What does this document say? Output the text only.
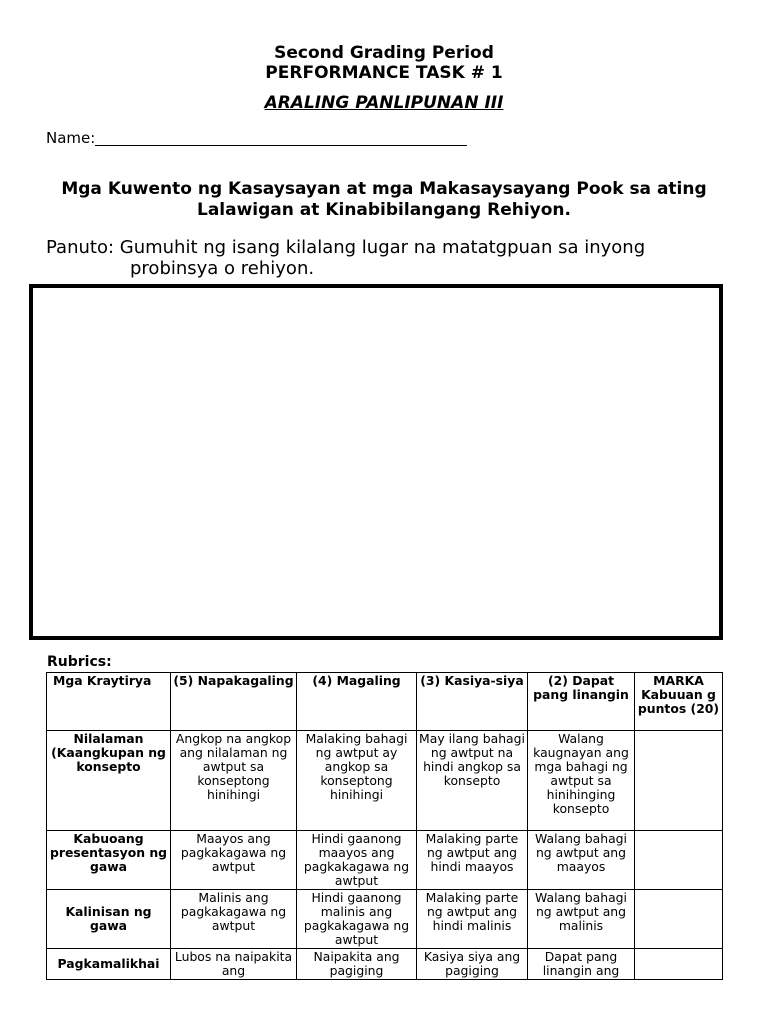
Second Grading Period
PERFORMANCE TASK # 1
ARALING PANLIPUNAN III
Name:
Mga Kuwento ng Kasaysayan at mga Makasaysayang Pook sa ating Lalawigan at Kinabibilangang Rehiyon.
Panuto: Gumuhit ng isang kilalang lugar na matatgpuan sa inyong
probinsya o rehiyon.
Rubrics:
Mga Kraytirya	(5) Napakagaling	(4) Magaling	(3) Kasiya-siya	(2) Dapat pang linangin	MARKA Kabuuan g puntos (20)
Nilalaman (Kaangkupan ng konsepto	Angkop na angkop ang nilalaman ng awtput sa konseptong hinihingi	Malaking bahagi ng awtput ay angkop sa konseptong hinihingi	May ilang bahagi ng awtput na hindi angkop sa konsepto	Walang kaugnayan ang mga bahagi ng awtput sa hinihinging konsepto	
Kabuoang presentasyon ng gawa	Maayos ang pagkakagawa ng awtput	Hindi gaanong maayos ang pagkakagawa ng awtput	Malaking parte ng awtput ang hindi maayos	Walang bahagi ng awtput ang maayos	
Kalinisan ng gawa	Malinis ang pagkakagawa ng awtput	Hindi gaanong malinis ang pagkakagawa ng awtput	Malaking parte ng awtput ang hindi malinis	Walang bahagi ng awtput ang malinis	
Pagkamalikhai	Lubos na naipakita ang	Naipakita ang pagiging	Kasiya siya ang pagiging	Dapat pang linangin ang	
